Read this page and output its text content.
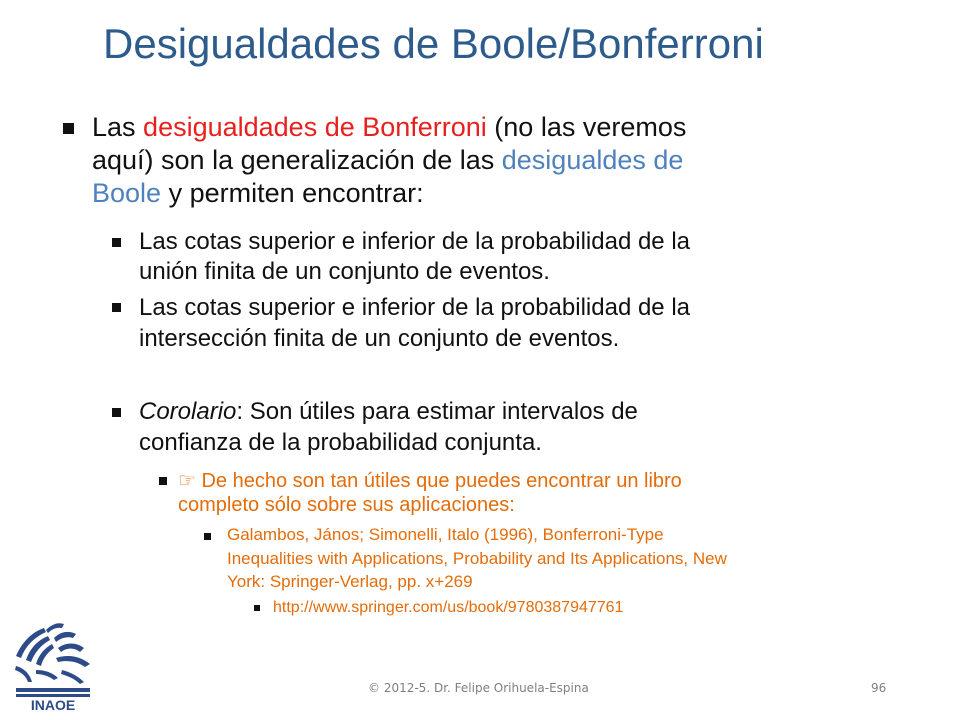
Desigualdades de Boole/Bonferroni
Las desigualdades de Bonferroni (no las veremos
aquí) son la generalización de las desigualdes de
Boole y permiten encontrar:
Las cotas superior e inferior de la probabilidad de la
unión finita de un conjunto de eventos.
Las cotas superior e inferior de la probabilidad de la
intersección finita de un conjunto de eventos.
Corolario: Son útiles para estimar intervalos de
confianza de la probabilidad conjunta.
☞ De hecho son tan útiles que puedes encontrar un libro
completo sólo sobre sus aplicaciones:
Galambos, János; Simonelli, Italo (1996), Bonferroni-Type
Inequalities with Applications, Probability and Its Applications, New
York: Springer-Verlag, pp. x+269
http://www.springer.com/us/book/9780387947761
INAOE
© 2012-5. Dr. Felipe Orihuela-Espina	96
